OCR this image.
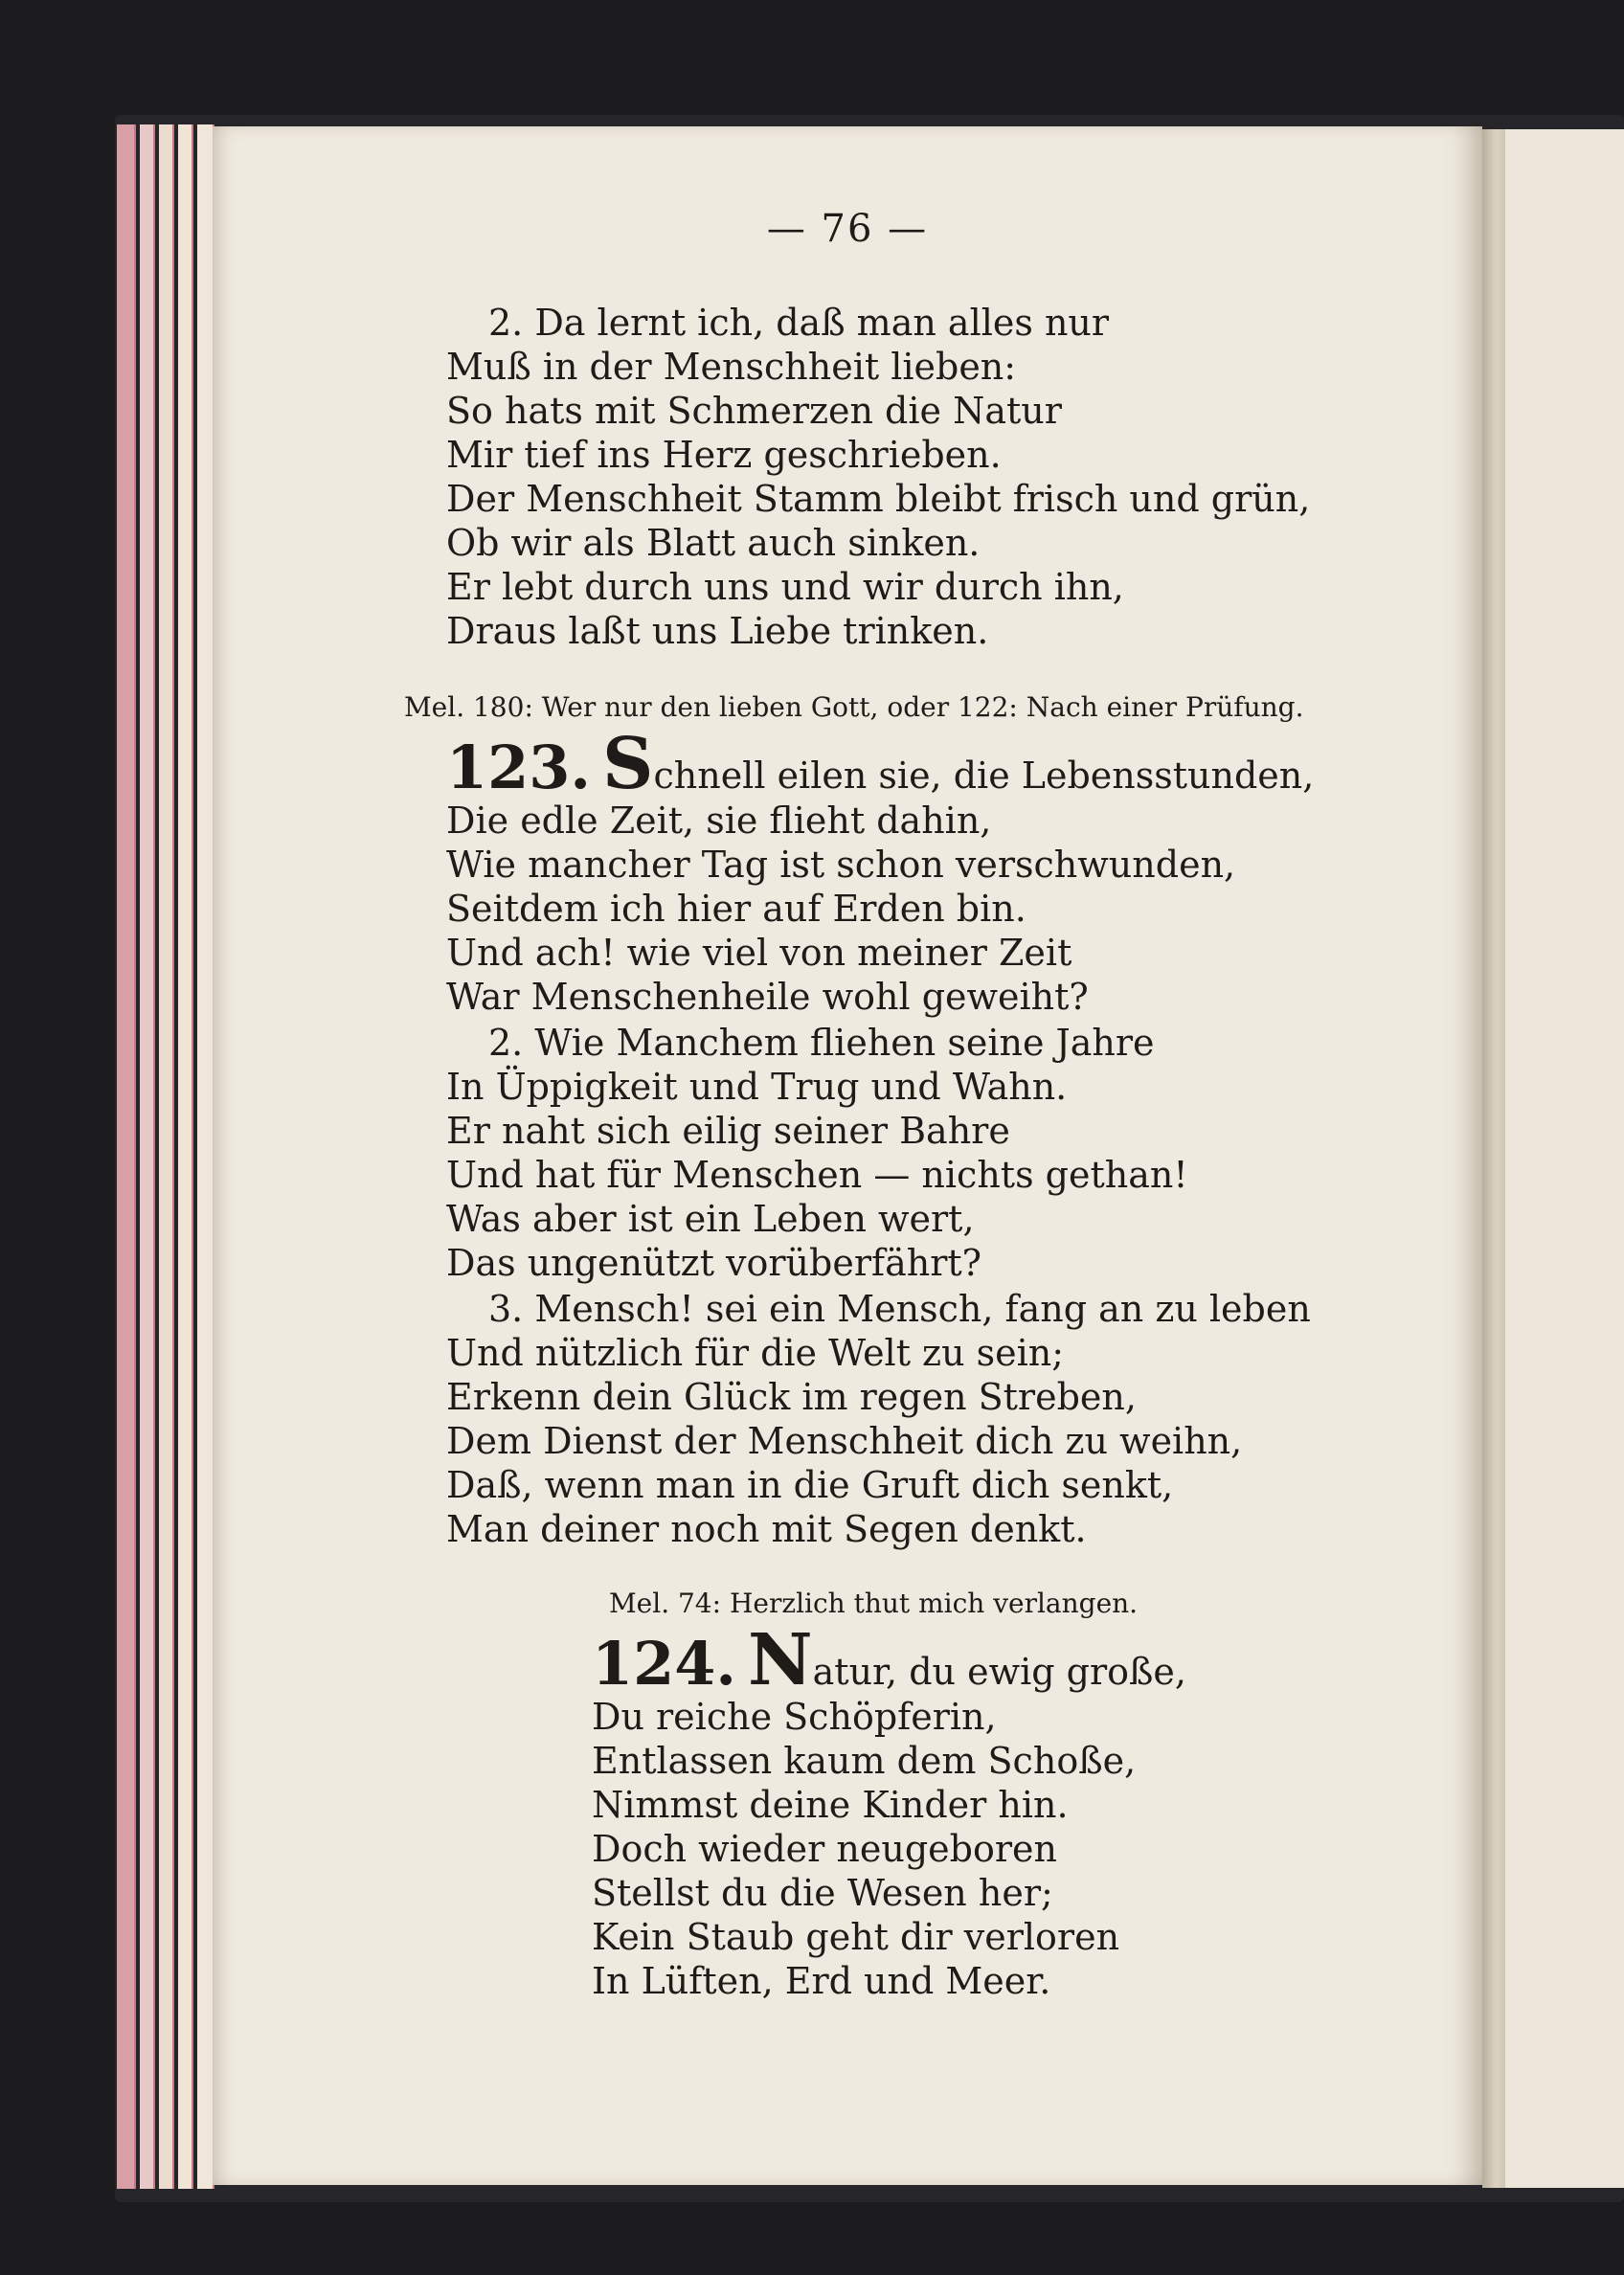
— 76 —
2. Da lernt ich, daß man alles nur
Muß in der Menschheit lieben:
So hats mit Schmerzen die Natur
Mir tief ins Herz geschrieben.
Der Menschheit Stamm bleibt frisch und grün,
Ob wir als Blatt auch sinken.
Er lebt durch uns und wir durch ihn,
Draus laßt uns Liebe trinken.
Mel. 180: Wer nur den lieben Gott, oder 122: Nach einer Prüfung.
123. Schnell eilen sie, die Lebensstunden,
Die edle Zeit, sie flieht dahin,
Wie mancher Tag ist schon verschwunden,
Seitdem ich hier auf Erden bin.
Und ach! wie viel von meiner Zeit
War Menschenheile wohl geweiht?
2. Wie Manchem fliehen seine Jahre
In Üppigkeit und Trug und Wahn.
Er naht sich eilig seiner Bahre
Und hat für Menschen — nichts gethan!
Was aber ist ein Leben wert,
Das ungenützt vorüberfährt?
3. Mensch! sei ein Mensch, fang an zu leben
Und nützlich für die Welt zu sein;
Erkenn dein Glück im regen Streben,
Dem Dienst der Menschheit dich zu weihn,
Daß, wenn man in die Gruft dich senkt,
Man deiner noch mit Segen denkt.
Mel. 74: Herzlich thut mich verlangen.
124. Natur, du ewig große,
Du reiche Schöpferin,
Entlassen kaum dem Schoße,
Nimmst deine Kinder hin.
Doch wieder neugeboren
Stellst du die Wesen her;
Kein Staub geht dir verloren
In Lüften, Erd und Meer.
